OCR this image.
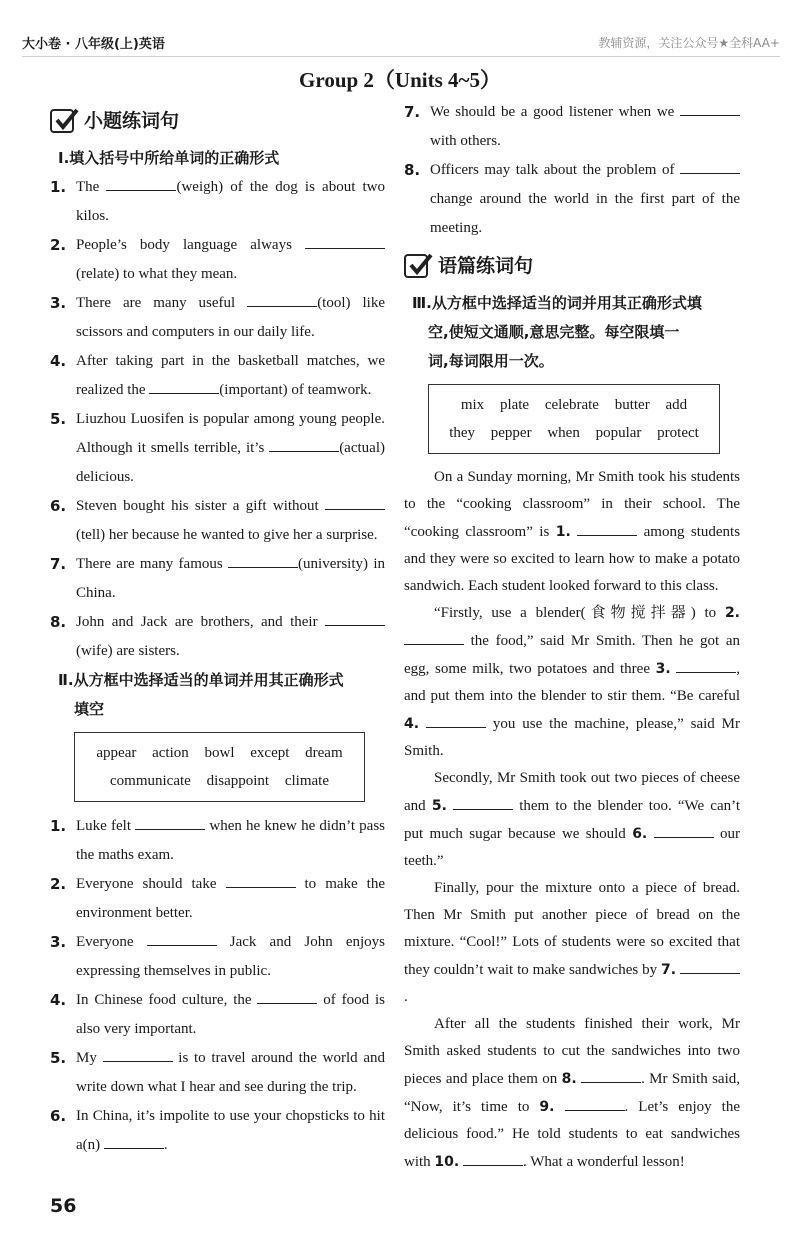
大小卷 · 八年级(上)英语	教辅资源，关注公众号★全科AA+
Group 2（Units 4~5）
小题练词句
Ⅰ.填入括号中所给单词的正确形式
1. The	(weigh) of the dog is about two kilos.
2. People’s body language always  (relate) to what they mean.
3. There are many useful	(tool) like scissors and computers in our daily life.
4. After taking part in the basketball matches, we realized the	(important) of teamwork.
5. Liuzhou Luosifen is popular among young people. Although it smells terrible, it’s	(actual) delicious.
6. Steven bought his sister a gift without  (tell) her because he wanted to give her a surprise.
7. There are many famous	(university) in China.
8. John and Jack are brothers, and their  (wife) are sisters.
Ⅱ.从方框中选择适当的单词并用其正确形式
填空
appear action bowl except dream
communicate disappoint climate
1. Luke felt	when he knew he didn’t pass the maths exam.
2. Everyone should take	to make the environment better.
3. Everyone	Jack and John enjoys expressing themselves in public.
4. In Chinese food culture, the	of food is also very important.
5. My	is to travel around the world and write down what I hear and see during the trip.
6. In China, it’s impolite to use your chopsticks to hit a(n)	.
7. We should be a good listener when we  with others.
8. Officers may talk about the problem of  change around the world in the first part of the meeting.
语篇练词句
Ⅲ.从方框中选择适当的词并用其正确形式填
空,使短文通顺,意思完整。每空限填一
词,每词限用一次。
mix plate celebrate butter add
they pepper when popular protect

On a Sunday morning, Mr Smith took his students to the “cooking classroom” in their school. The “cooking classroom” is 1.	among students and they were so excited to learn how to make a potato sandwich. Each student looked forward to this class.

“Firstly, use a blender(食物搅拌器) to 2.  the food,” said Mr Smith. Then he got an egg, some milk, two potatoes and three 3.	, and put them into the blender to stir them. “Be careful 4.	you use the machine, please,” said Mr Smith.

Secondly, Mr Smith took out two pieces of cheese and 5.	them to the blender too. “We can’t put much sugar because we should 6.	our teeth.”

Finally, pour the mixture onto a piece of bread. Then Mr Smith put another piece of bread on the mixture. “Cool!” Lots of students were so excited that they couldn’t wait to make sandwiches by 7. .

After all the students finished their work, Mr Smith asked students to cut the sandwiches into two pieces and place them on 8.	. Mr Smith said, “Now, it’s time to 9.	. Let’s enjoy the delicious food.” He told students to eat sandwiches with 10.	. What a wonderful lesson!

56
